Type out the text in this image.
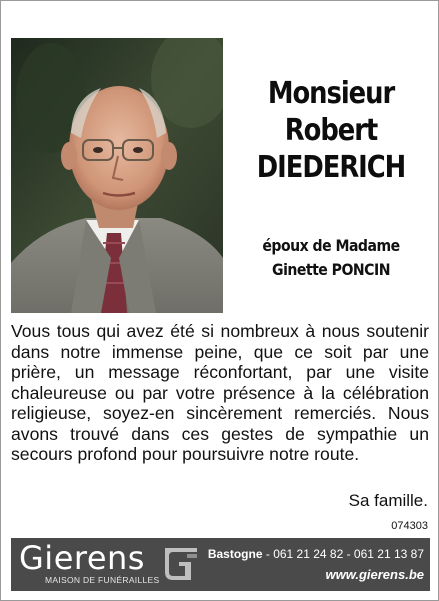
Monsieur
Robert
DIEDERICH
époux de Madame
Ginette PONCIN

Vous tous qui avez été si nombreux à nous soutenir dans notre immense peine, que ce soit par une prière, un message réconfortant, par une visite chaleureuse ou par votre présence à la célébration religieuse, soyez-en sincèrement remerciés. Nous avons trouvé dans ces gestes de sympathie un secours profond pour poursuivre notre route.

Sa famille.
074303
Gierens
MAISON DE FUNÉRAILLES
Bastogne - 061 21 24 82 - 061 21 13 87
www.gierens.be
